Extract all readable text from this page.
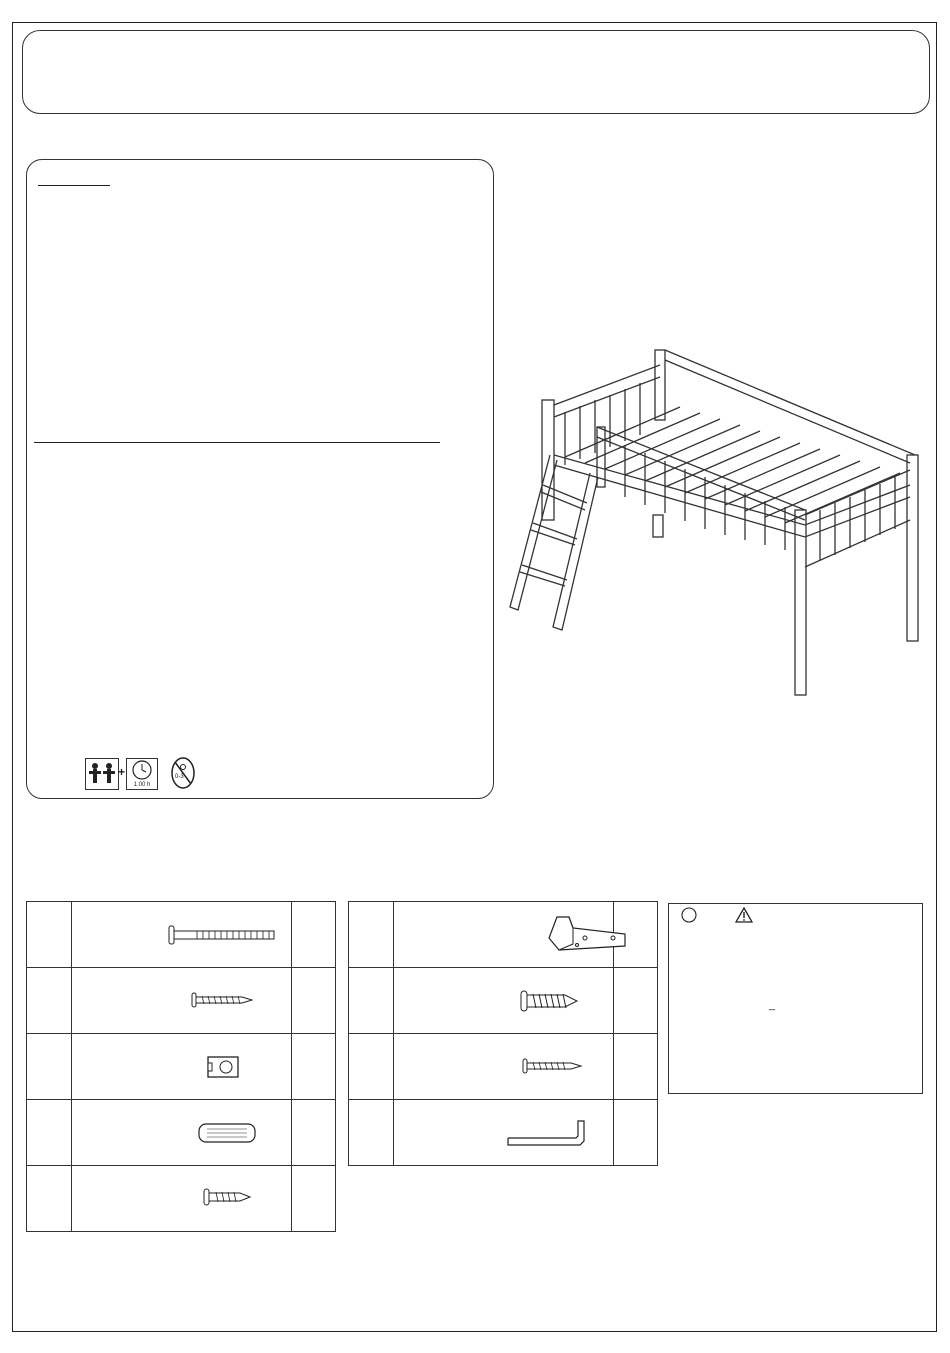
+
1.00 h
0-3

_
